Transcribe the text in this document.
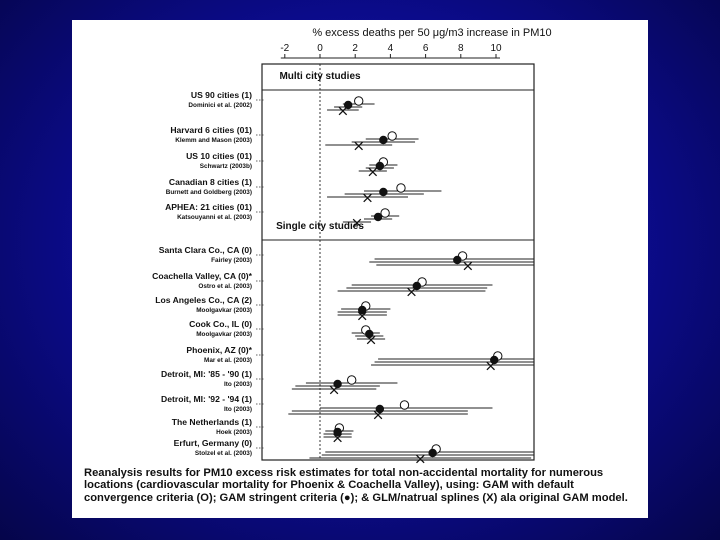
% excess deaths per 50 μg/m3 increase in PM10
-2	0	2	4	6	8	10
Multi city studies
US 90 cities (1)
Dominici et al. (2002)
Harvard 6 cities (01)
Klemm and Mason (2003)
US 10 cities (01)
Schwartz (2003b)
Canadian 8 cities (1)
Burnett and Goldberg (2003)
APHEA: 21 cities (01)
Katsouyanni et al. (2003)
Single city studies
Santa Clara Co., CA (0)
Fairley (2003)
Coachella Valley, CA (0)*
Ostro et al. (2003)
Los Angeles Co., CA (2)
Moolgavkar (2003)
Cook Co., IL (0)
Moolgavkar (2003)
Phoenix, AZ (0)*
Mar et al. (2003)
Detroit, MI: '85 - '90 (1)
Ito (2003)
Detroit, MI: '92 - '94 (1)
Ito (2003)
The Netherlands (1)
Hoek (2003)
Erfurt, Germany (0)
Stolzel et al. (2003)
Reanalysis results for PM10 excess risk estimates for total non-accidental mortality for numerous locations (cardiovascular mortality for Phoenix & Coachella Valley), using: GAM with default convergence criteria (O); GAM stringent criteria (●); & GLM/natrual splines (X) ala original GAM model.
